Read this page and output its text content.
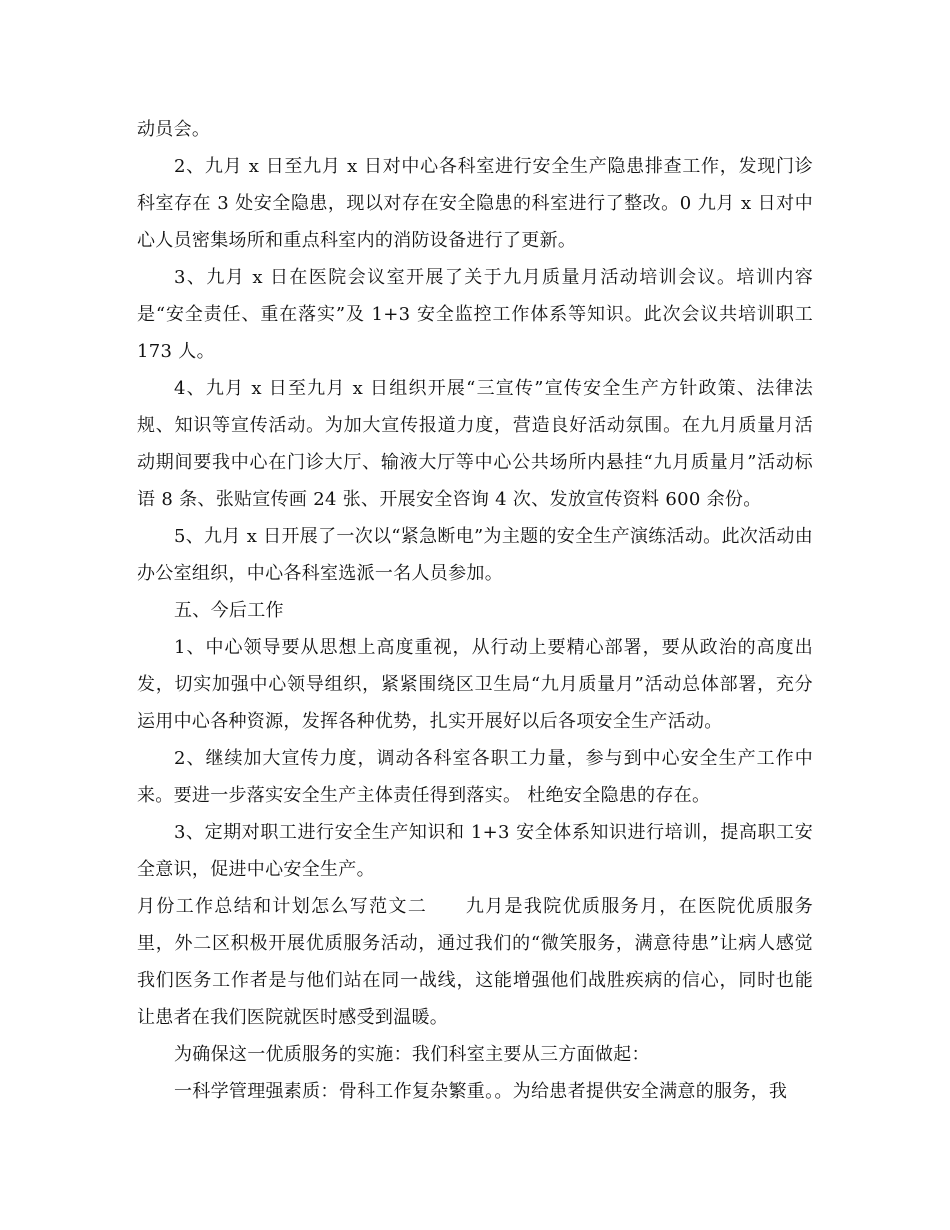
动员会。

2、九月 x 日至九月 x 日对中心各科室进行安全生产隐患排查工作，发现门诊科室存在 3 处安全隐患，现以对存在安全隐患的科室进行了整改。0 九月 x 日对中心人员密集场所和重点科室内的消防设备进行了更新。

3、九月 x 日在医院会议室开展了关于九月质量月活动培训会议。培训内容是“安全责任、重在落实”及 1+3 安全监控工作体系等知识。此次会议共培训职工 173 人。

4、九月 x 日至九月 x 日组织开展“三宣传”宣传安全生产方针政策、法律法规、知识等宣传活动。为加大宣传报道力度，营造良好活动氛围。在九月质量月活动期间要我中心在门诊大厅、输液大厅等中心公共场所内悬挂“九月质量月”活动标语 8 条、张贴宣传画 24 张、开展安全咨询 4 次、发放宣传资料 600 余份。

5、九月 x 日开展了一次以“紧急断电”为主题的安全生产演练活动。此次活动由办公室组织，中心各科室选派一名人员参加。

五、今后工作

1、中心领导要从思想上高度重视，从行动上要精心部署，要从政治的高度出发，切实加强中心领导组织，紧紧围绕区卫生局“九月质量月”活动总体部署，充分运用中心各种资源，发挥各种优势，扎实开展好以后各项安全生产活动。

2、继续加大宣传力度，调动各科室各职工力量，参与到中心安全生产工作中来。要进一步落实安全生产主体责任得到落实。 杜绝安全隐患的存在。

3、定期对职工进行安全生产知识和 1+3 安全体系知识进行培训，提高职工安全意识，促进中心安全生产。

月份工作总结和计划怎么写范文二　　九月是我院优质服务月，在医院优质服务里，外二区积极开展优质服务活动，通过我们的“微笑服务，满意待患”让病人感觉我们医务工作者是与他们站在同一战线，这能增强他们战胜疾病的信心，同时也能让患者在我们医院就医时感受到温暖。

为确保这一优质服务的实施：我们科室主要从三方面做起：

一科学管理强素质：骨科工作复杂繁重。。为给患者提供安全满意的服务，我
